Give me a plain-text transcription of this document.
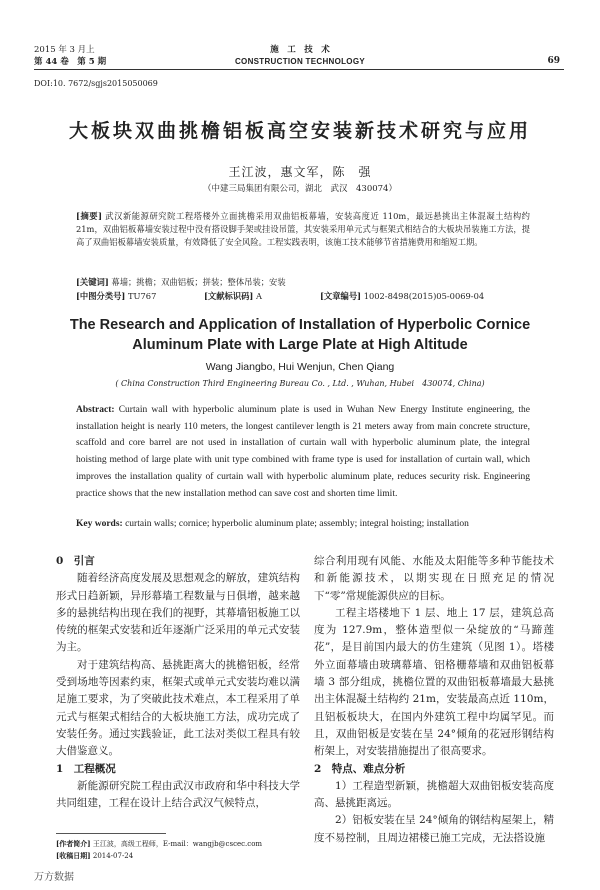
2015 年 3 月上
第 44 卷　第 5 期
施　工　技　术
CONSTRUCTION TECHNOLOGY	69
DOI:10. 7672/sgjs2015050069
大板块双曲挑檐铝板高空安装新技术研究与应用
王江波，惠文军，陈　强
（中建三局集团有限公司，湖北　武汉　430074）
[摘要] 武汉新能源研究院工程塔楼外立面挑檐采用双曲铝板幕墙，安装高度近 110m，最远悬挑出主体混凝土结构约 21m，双曲铝板幕墙安装过程中没有搭设脚手架或挂设吊篮，其安装采用单元式与框架式相结合的大板块吊装施工方法，提高了双曲铝板幕墙安装质量，有效降低了安全风险。工程实践表明，该施工技术能够节省措施费用和缩短工期。
[关键词] 幕墙；挑檐；双曲铝板；拼装；整体吊装；安装
[中图分类号] TU767	[文献标识码] A	[文章编号] 1002-8498(2015)05-0069-04
The Research and Application of Installation of Hyperbolic Cornice Aluminum Plate with Large Plate at High Altitude
Wang Jiangbo, Hui Wenjun, Chen Qiang
( China Construction Third Engineering Bureau Co. , Ltd. , Wuhan, Hubei　430074, China)
Abstract: Curtain wall with hyperbolic aluminum plate is used in Wuhan New Energy Institute engineering, the installation height is nearly 110 meters, the longest cantilever length is 21 meters away from main concrete structure, scaffold and core barrel are not used in installation of curtain wall with hyperbolic aluminum plate, the integral hoisting method of large plate with unit type combined with frame type is used for installation of curtain wall, which improves the installation quality of curtain wall with hyperbolic aluminum plate, reduces security risk. Engineering practice shows that the new installation method can save cost and shorten time limit.
Key words: curtain walls; cornice; hyperbolic aluminum plate; assembly; integral hoisting; installation

0　引言

随着经济高度发展及思想观念的解放，建筑结构形式日趋新颖，异形幕墙工程数量与日俱增，越来越多的悬挑结构出现在我们的视野，其幕墙铝板施工以传统的框架式安装和近年逐渐广泛采用的单元式安装为主。

对于建筑结构高、悬挑距离大的挑檐铝板，经常受到场地等因素约束，框架式或单元式安装均难以满足施工要求，为了突破此技术难点，本工程采用了单元式与框架式相结合的大板块施工方法，成功完成了安装任务。通过实践验证，此工法对类似工程具有较大借鉴意义。

1　工程概况

新能源研究院工程由武汉市政府和华中科技大学共同组建，工程在设计上结合武汉气候特点，

综合利用现有风能、水能及太阳能等多种节能技术和新能源技术，以期实现在日照充足的情况下“零”常规能源供应的目标。

工程主塔楼地下 1 层、地上 17 层，建筑总高度为 127.9m，整体造型似一朵绽放的“马蹄莲花”，是目前国内最大的仿生建筑（见图 1）。塔楼外立面幕墙由玻璃幕墙、铝格栅幕墙和双曲铝板幕墙 3 部分组成，挑檐位置的双曲铝板幕墙最大悬挑出主体混凝土结构约 21m，安装最高点近 110m，且铝板板块大，在国内外建筑工程中均属罕见。而且，双曲铝板是安装在呈 24°倾角的花冠形钢结构桁架上，对安装措施提出了很高要求。

2　特点、难点分析

1）工程造型新颖，挑檐超大双曲铝板安装高度高、悬挑距离远。

2）铝板安装在呈 24°倾角的钢结构屋架上，精度不易控制，且周边裙楼已施工完成，无法搭设施

[作者简介] 王江波，高级工程师，E-mail：wangjb@cscec.com
[收稿日期] 2014-07-24
万方数据
